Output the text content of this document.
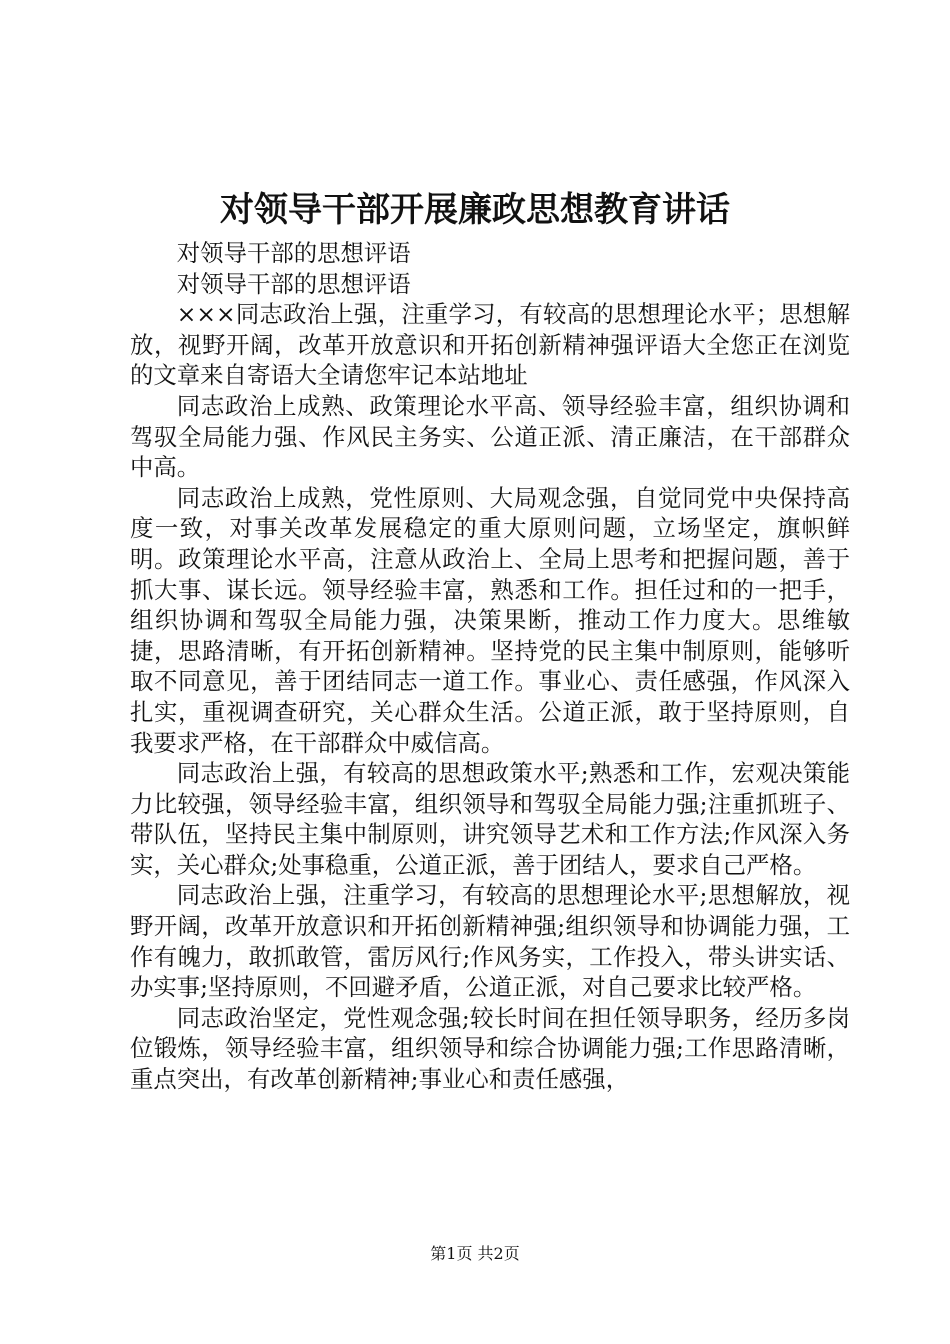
对领导干部开展廉政思想教育讲话

对领导干部的思想评语

对领导干部的思想评语

×××同志政治上强，注重学习，有较高的思想理论水平；思想解放，视野开阔，改革开放意识和开拓创新精神强评语大全您正在浏览的文章来自寄语大全请您牢记本站地址

同志政治上成熟、政策理论水平高、领导经验丰富，组织协调和驾驭全局能力强、作风民主务实、公道正派、清正廉洁，在干部群众中高。

同志政治上成熟，党性原则、大局观念强，自觉同党中央保持高度一致，对事关改革发展稳定的重大原则问题，立场坚定，旗帜鲜明。政策理论水平高，注意从政治上、全局上思考和把握问题，善于抓大事、谋长远。领导经验丰富，熟悉和工作。担任过和的一把手，组织协调和驾驭全局能力强，决策果断，推动工作力度大。思维敏捷，思路清晰，有开拓创新精神。坚持党的民主集中制原则，能够听取不同意见，善于团结同志一道工作。事业心、责任感强，作风深入扎实，重视调查研究，关心群众生活。公道正派，敢于坚持原则，自我要求严格，在干部群众中威信高。

同志政治上强，有较高的思想政策水平;熟悉和工作，宏观决策能力比较强，领导经验丰富，组织领导和驾驭全局能力强;注重抓班子、带队伍，坚持民主集中制原则，讲究领导艺术和工作方法;作风深入务实，关心群众;处事稳重，公道正派，善于团结人，要求自己严格。

同志政治上强，注重学习，有较高的思想理论水平;思想解放，视野开阔，改革开放意识和开拓创新精神强;组织领导和协调能力强，工作有魄力，敢抓敢管，雷厉风行;作风务实，工作投入，带头讲实话、办实事;坚持原则，不回避矛盾，公道正派，对自己要求比较严格。

同志政治坚定，党性观念强;较长时间在担任领导职务，经历多岗位锻炼，领导经验丰富，组织领导和综合协调能力强;工作思路清晰，重点突出，有改革创新精神;事业心和责任感强，

第1页 共2页
